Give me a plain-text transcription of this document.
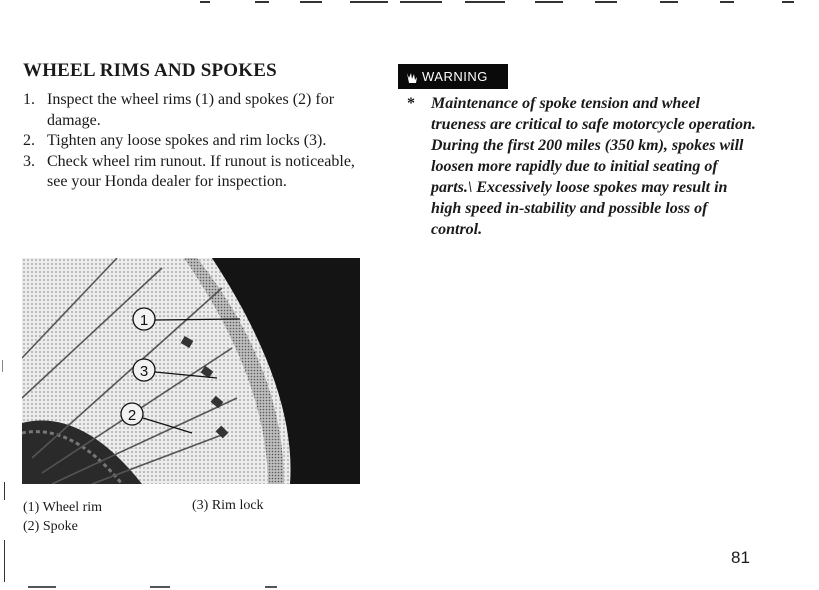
WHEEL RIMS AND SPOKES
1. Inspect the wheel rims (1) and spokes (2) for damage.
2. Tighten any loose spokes and rim locks (3).
3. Check wheel rim runout. If runout is noticeable, see your Honda dealer for inspection.
WARNING
*	Maintenance of spoke tension and wheel trueness are critical to safe motorcycle operation. During the first 200 miles (350 km), spokes will loosen more rapidly due to initial seating of parts.\ Excessively loose spokes may result in high speed in-stability and possible loss of control.
1
3
2
(1) Wheel rim
(2) Spoke
(3) Rim lock
81
